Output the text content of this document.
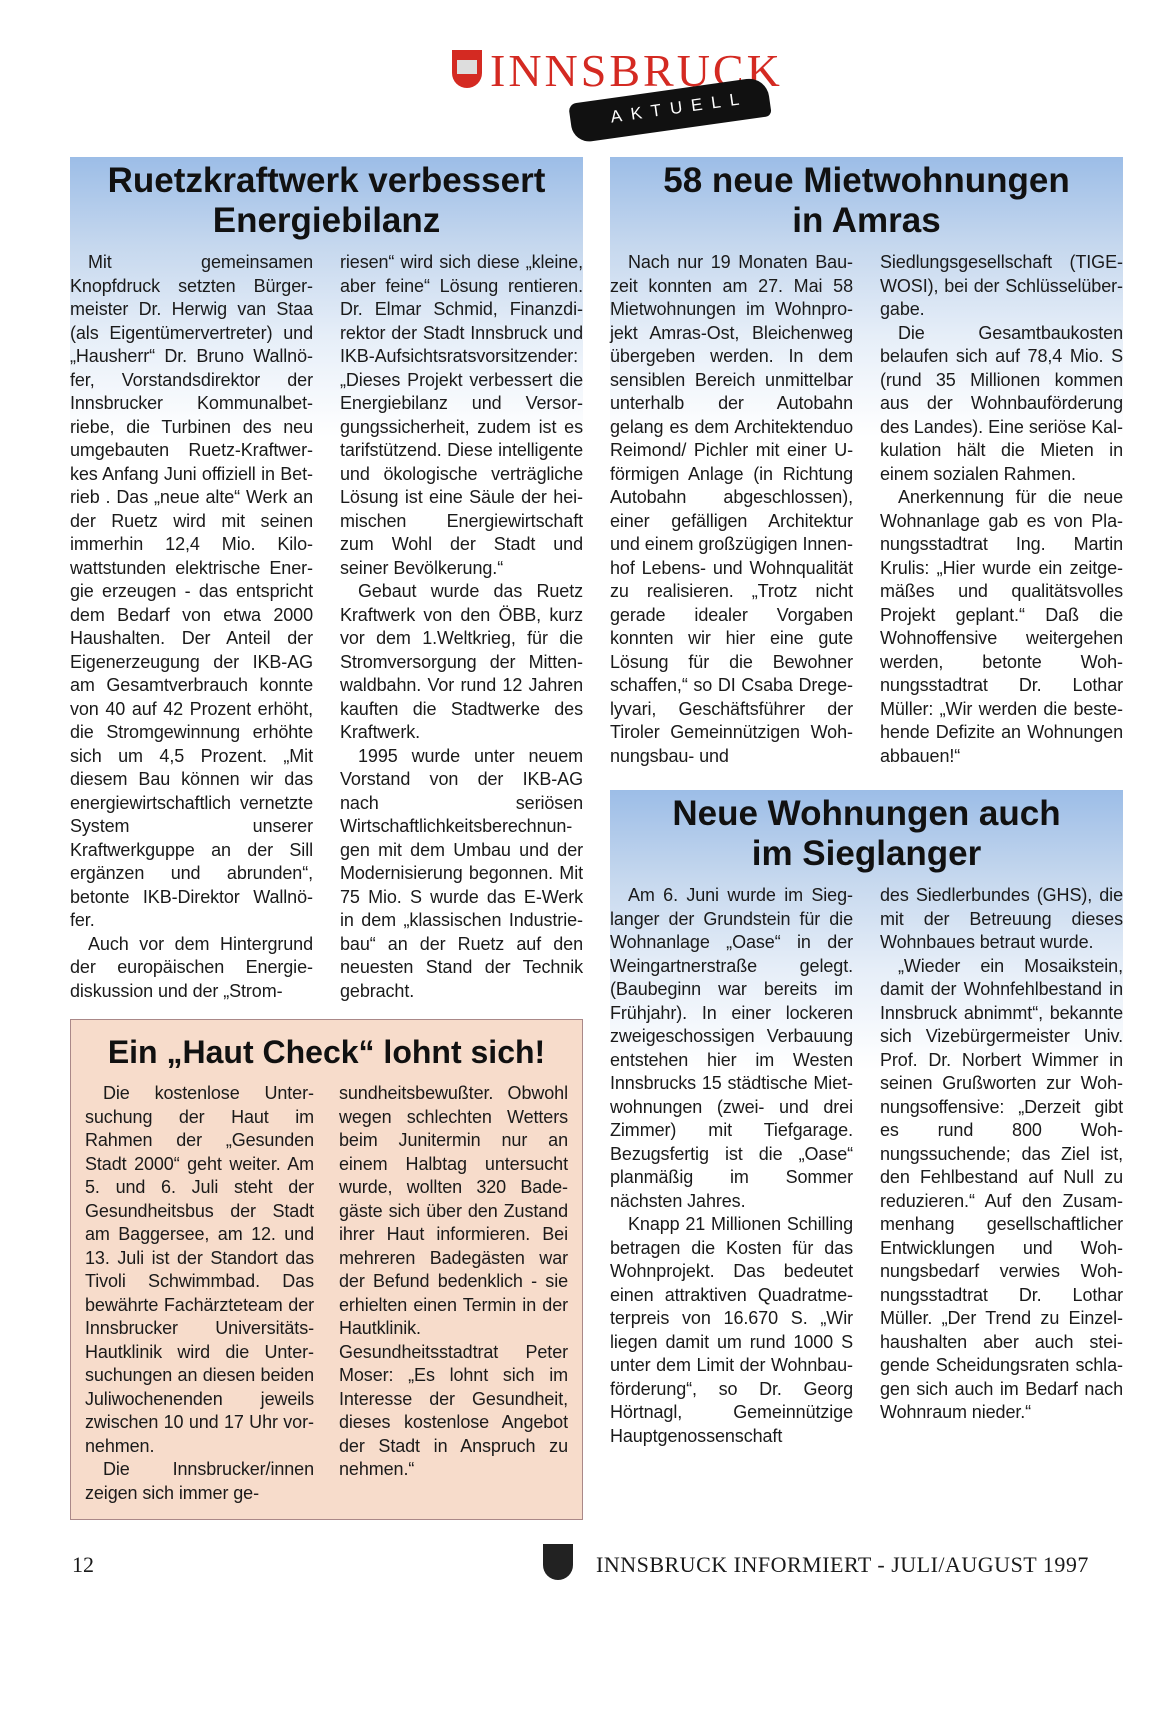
INNSBRUCK
AKTUELL
Ruetzkraftwerk verbessert
Energiebilanz

Mit gemeinsamen Knopfdruck setzten Bürgermeister Dr. Herwig van Staa (als Eigentümervertreter) und „Hausherr“ Dr. Bruno Wallnöfer, Vorstandsdirektor der Innsbrucker Kommunalbetriebe, die Turbinen des neu umgebauten Ruetz-Kraftwerkes Anfang Juni offiziell in Betrieb . Das „neue alte“ Werk an der Ruetz wird mit seinen immerhin 12,4 Mio. Kilowattstunden elektrische Energie erzeugen - das entspricht dem Bedarf von etwa 2000 Haushalten. Der Anteil der Eigenerzeugung der IKB-AG am Gesamtverbrauch konnte von 40 auf 42 Prozent erhöht, die Stromgewinnung erhöhte sich um 4,5 Prozent. „Mit diesem Bau können wir das energiewirtschaftlich vernetzte System unserer Kraftwerkguppe an der Sill ergänzen und abrunden“, betonte IKB-Direktor Wallnöfer.

Auch vor dem Hintergrund der europäischen Energiediskussion und der „Strom-

riesen“ wird sich diese „kleine, aber feine“ Lösung rentieren. Dr. Elmar Schmid, Finanzdirektor der Stadt Innsbruck und IKB-Aufsichtsratsvorsitzender: „Dieses Projekt verbessert die Energiebilanz und Versorgungssicherheit, zudem ist es tarifstützend. Diese intelligente und ökologische verträgliche Lösung ist eine Säule der heimischen Energiewirtschaft zum Wohl der Stadt und seiner Bevölkerung.“

Gebaut wurde das Ruetz Kraftwerk von den ÖBB, kurz vor dem 1.Weltkrieg, für die Stromversorgung der Mittenwaldbahn. Vor rund 12 Jahren kauften die Stadtwerke des Kraftwerk.

1995 wurde unter neuem Vorstand von der IKB-AG nach seriösen Wirtschaftlichkeitsberechnungen mit dem Umbau und der Modernisierung begonnen. Mit 75 Mio. S wurde das E-Werk in dem „klassischen Industriebau“ an der Ruetz auf den neuesten Stand der Technik gebracht.

Ein „Haut Check“ lohnt sich!

Die kostenlose Untersuchung der Haut im Rahmen der „Gesunden Stadt 2000“ geht weiter. Am 5. und 6. Juli steht der Gesundheitsbus der Stadt am Baggersee, am 12. und 13. Juli ist der Standort das Tivoli Schwimmbad. Das bewährte Fachärzteteam der Innsbrucker Universitäts-Hautklinik wird die Untersuchungen an diesen beiden Juliwochenenden jeweils zwischen 10 und 17 Uhr vornehmen.

Die Innsbrucker/innen zeigen sich immer ge-

sundheitsbewußter. Obwohl wegen schlechten Wetters beim Junitermin nur an einem Halbtag untersucht wurde, wollten 320 Badegäste sich über den Zustand ihrer Haut informieren. Bei mehreren Badegästen war der Befund bedenklich - sie erhielten einen Termin in der Hautklinik. Gesundheitsstadtrat Peter Moser: „Es lohnt sich im Interesse der Gesundheit, dieses kostenlose Angebot der Stadt in Anspruch zu nehmen.“

58 neue Mietwohnungen
in Amras

Nach nur 19 Monaten Bauzeit konnten am 27. Mai 58 Mietwohnungen im Wohnprojekt Amras-Ost, Bleichenweg übergeben werden. In dem sensiblen Bereich unmittelbar unterhalb der Autobahn gelang es dem Architektenduo Reimond/ Pichler mit einer U-förmigen Anlage (in Richtung Autobahn abgeschlossen), einer gefälligen Architektur und einem großzügigen Innenhof Lebens- und Wohnqualität zu realisieren. „Trotz nicht gerade idealer Vorgaben konnten wir hier eine gute Lösung für die Bewohner schaffen,“ so DI Csaba Dregelyvari, Geschäftsführer der Tiroler Gemeinnützigen Wohnungsbau- und

Siedlungsgesellschaft (TIGEWOSI), bei der Schlüsselübergabe.

Die Gesamtbaukosten belaufen sich auf 78,4 Mio. S (rund 35 Millionen kommen aus der Wohnbauförderung des Landes). Eine seriöse Kalkulation hält die Mieten in einem sozialen Rahmen.

Anerkennung für die neue Wohnanlage gab es von Planungsstadtrat Ing. Martin Krulis: „Hier wurde ein zeitgemäßes und qualitätsvolles Projekt geplant.“ Daß die Wohnoffensive weitergehen werden, betonte Wohnungsstadtrat Dr. Lothar Müller: „Wir werden die bestehende Defizite an Wohnungen abbauen!“

Neue Wohnungen auch
im Sieglanger

Am 6. Juni wurde im Sieglanger der Grundstein für die Wohnanlage „Oase“ in der Weingartnerstraße gelegt. (Baubeginn war bereits im Frühjahr). In einer lockeren zweigeschossigen Verbauung entstehen hier im Westen Innsbrucks 15 städtische Mietwohnungen (zwei- und drei Zimmer) mit Tiefgarage. Bezugsfertig ist die „Oase“ planmäßig im Sommer nächsten Jahres.

Knapp 21 Millionen Schilling betragen die Kosten für das Wohnprojekt. Das bedeutet einen attraktiven Quadratmeterpreis von 16.670 S. „Wir liegen damit um rund 1000 S unter dem Limit der Wohnbauförderung“, so Dr. Georg Hörtnagl, Gemeinnützige Hauptgenossenschaft

des Siedlerbundes (GHS), die mit der Betreuung dieses Wohnbaues betraut wurde.

„Wieder ein Mosaikstein, damit der Wohnfehlbestand in Innsbruck abnimmt“, bekannte sich Vizebürgermeister Univ. Prof. Dr. Norbert Wimmer in seinen Grußworten zur Wohnungsoffensive: „Derzeit gibt es rund 800 Wohnungssuchende; das Ziel ist, den Fehlbestand auf Null zu reduzieren.“ Auf den Zusammenhang gesellschaftlicher Entwicklungen und Wohnungsbedarf verwies Wohnungsstadtrat Dr. Lothar Müller. „Der Trend zu Einzelhaushalten aber auch steigende Scheidungsraten schlagen sich auch im Bedarf nach Wohnraum nieder.“

12	INNSBRUCK INFORMIERT - JULI/AUGUST 1997
